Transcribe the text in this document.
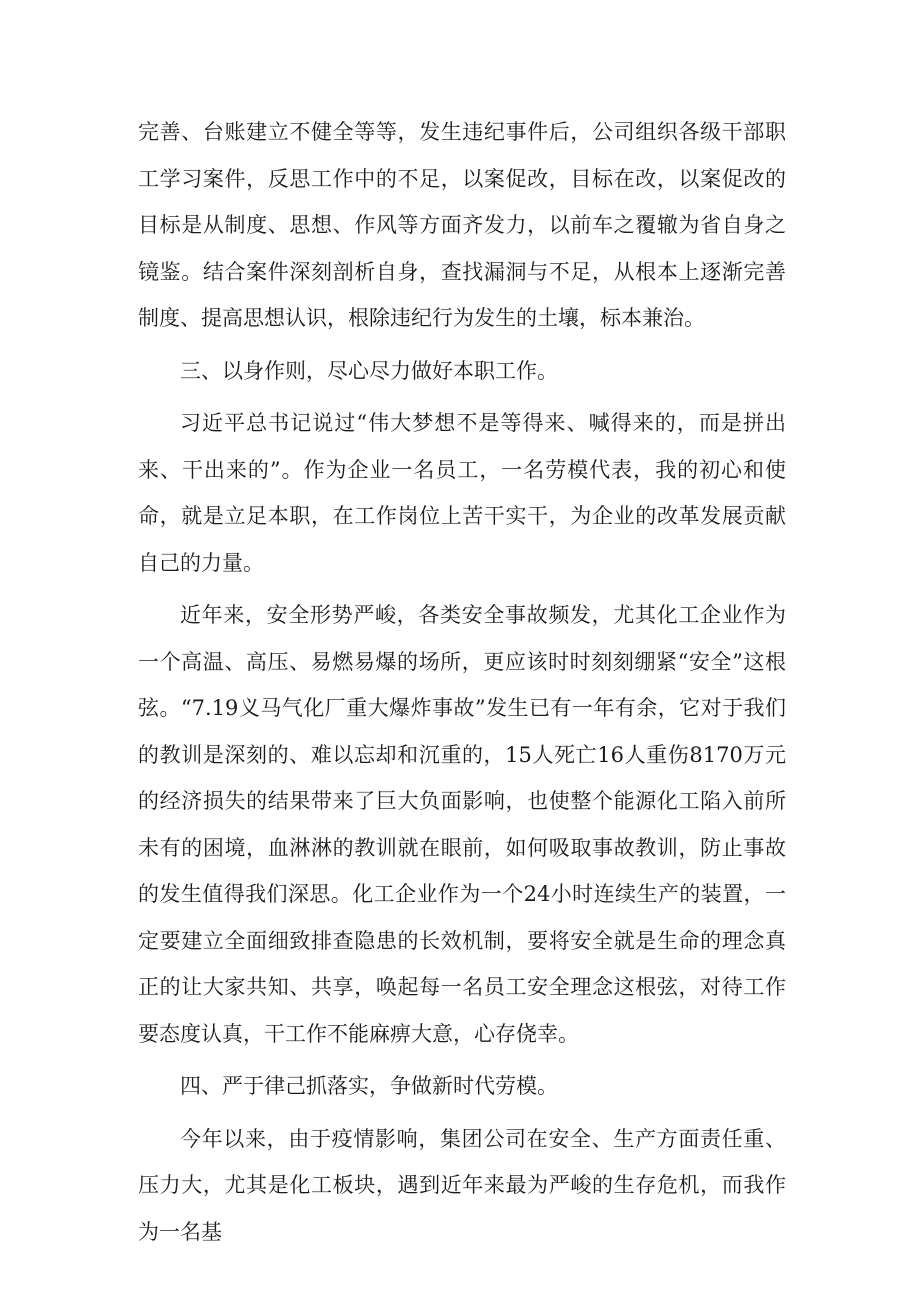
完善、台账建立不健全等等，发生违纪事件后，公司组织各级干部职工学习案件，反思工作中的不足，以案促改，目标在改，以案促改的目标是从制度、思想、作风等方面齐发力，以前车之覆辙为省自身之镜鉴。结合案件深刻剖析自身，查找漏洞与不足，从根本上逐渐完善制度、提高思想认识，根除违纪行为发生的土壤，标本兼治。

三、以身作则，尽心尽力做好本职工作。

习近平总书记说过“伟大梦想不是等得来、喊得来的，而是拼出来、干出来的”。作为企业一名员工，一名劳模代表，我的初心和使命，就是立足本职，在工作岗位上苦干实干，为企业的改革发展贡献自己的力量。

近年来，安全形势严峻，各类安全事故频发，尤其化工企业作为一个高温、高压、易燃易爆的场所，更应该时时刻刻绷紧“安全”这根弦。“7.19义马气化厂重大爆炸事故”发生已有一年有余，它对于我们的教训是深刻的、难以忘却和沉重的，15人死亡16人重伤8170万元的经济损失的结果带来了巨大负面影响，也使整个能源化工陷入前所未有的困境，血淋淋的教训就在眼前，如何吸取事故教训，防止事故的发生值得我们深思。化工企业作为一个24小时连续生产的装置，一定要建立全面细致排查隐患的长效机制，要将安全就是生命的理念真正的让大家共知、共享，唤起每一名员工安全理念这根弦，对待工作要态度认真，干工作不能麻痹大意，心存侥幸。

四、严于律己抓落实，争做新时代劳模。

今年以来，由于疫情影响，集团公司在安全、生产方面责任重、压力大，尤其是化工板块，遇到近年来最为严峻的生存危机，而我作为一名基
